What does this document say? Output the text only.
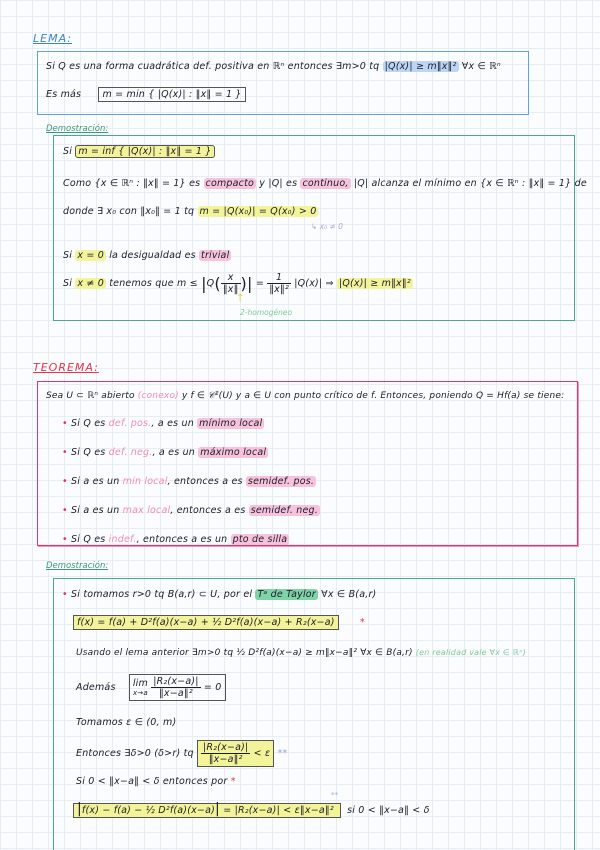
LEMA:
Si Q es una forma cuadrática def. positiva en ℝⁿ entonces ∃m>0 tq |Q(x)| ≥ m‖x‖² ∀x ∈ ℝⁿ
Es más m = min { |Q(x)| : ‖x‖ = 1 }
Demostración:
Si m = inf { |Q(x)| : ‖x‖ = 1 }
Como {x ∈ ℝⁿ : ‖x‖ = 1} es compacto y |Q| es continuo, |Q| alcanza el mínimo en {x ∈ ℝⁿ : ‖x‖ = 1} de
donde ∃ x₀ con ‖x₀‖ = 1 tq m = |Q(x₀)| = Q(x₀) > 0
↳ x₀ ≠ 0
Si x = 0 la desigualdad es trivial
Si x ≠ 0 tenemos que $m \le |Q( \frac{x}{‖x‖}$ )| = $\frac{1}{\text{‖x‖²}} |Q(x)|$ ⇒ |Q(x)| ≥ m‖x‖²
↑
2-homogéneo
TEOREMA:
Sea U ⊂ ℝⁿ abierto (conexo) y f ∈ 𝒞²(U) y a ∈ U con punto crítico de f. Entonces, poniendo Q = Hf(a) se tiene:
• Si Q es def. pos., a es un mínimo local
• Si Q es def. neg., a es un máximo local
• Si a es un min local, entonces a es semidef. pos.
• Si a es un max local, entonces a es semidef. neg.
• Si Q es indef., entonces a es un pto de silla
Demostración:
• Si tomamos r>0 tq B(a,r) ⊂ U, por el Tᵃ de Taylor ∀x ∈ B(a,r)
f(x) = f(a) + D²f(a)(x−a) + ½ D²f(a)(x−a) + R₂(x−a)	*
Usando el lema anterior ∃m>0 tq ½ D²f(a)(x−a) ≥ m‖x−a‖² ∀x ∈ B(a,r) (en realidad vale ∀x ∈ ℝⁿ)
Además lim
x→a
$\frac{\text{|R₂(x−a)|}}{\text{‖x−a‖²}} = 0$
Tomamos ε ∈ (0, m)
Entonces ∃δ>0 (δ>r) tq $\frac{\text{|R₂(x−a)|}}{\text{‖x−a‖²}} < \varepsilon$ **
Si 0 < ‖x−a‖ < δ entonces por *
**
|f(x) − f(a) − ½ D²f(a)(x−a)| = |R₂(x−a)| < ε‖x−a‖² si 0 < ‖x−a‖ < δ
